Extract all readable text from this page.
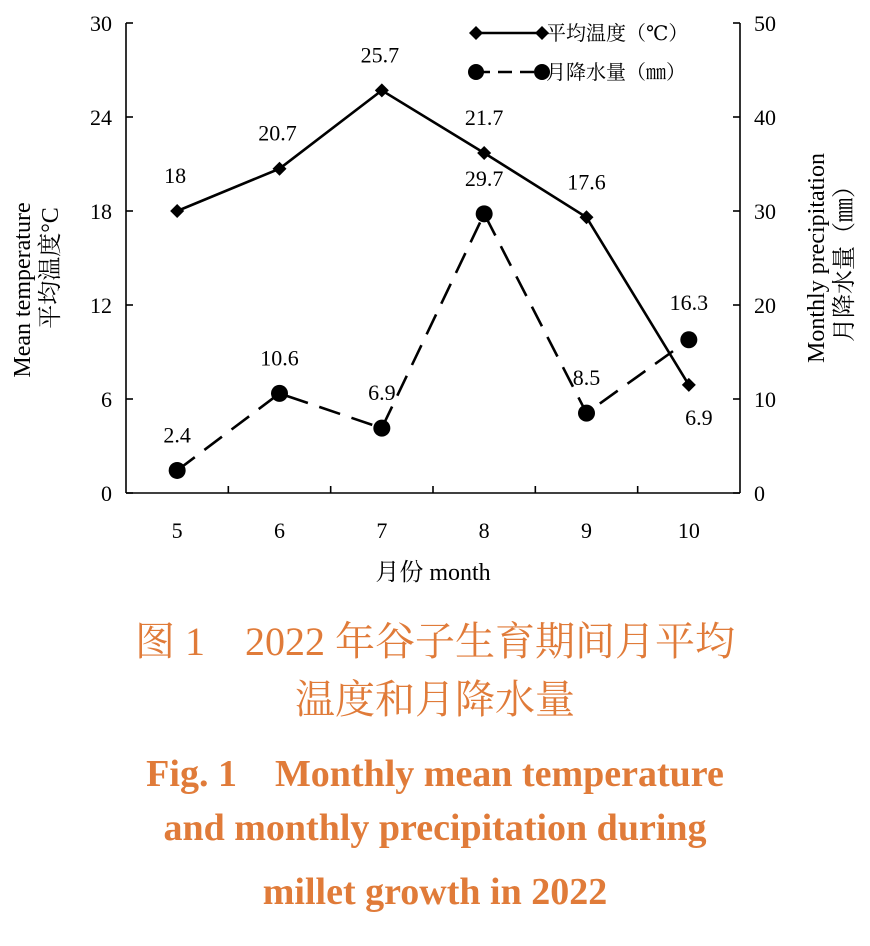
0
6
12
18
24
30
0
10
20
30
40
50
5	6	7	8	9	10
18
20.7
25.7
21.7
17.6
6.9
2.4
10.6
6.9
29.7
8.5
16.3
平均温度（℃）
月降水量（㎜）
月份 month
Mean temperature 平均温度°C	Monthly precipitation 月降水量（㎜）
图 1　2022 年谷子生育期间月平均
温度和月降水量
Fig. 1　Monthly mean temperature
and monthly precipitation during
millet growth in 2022
